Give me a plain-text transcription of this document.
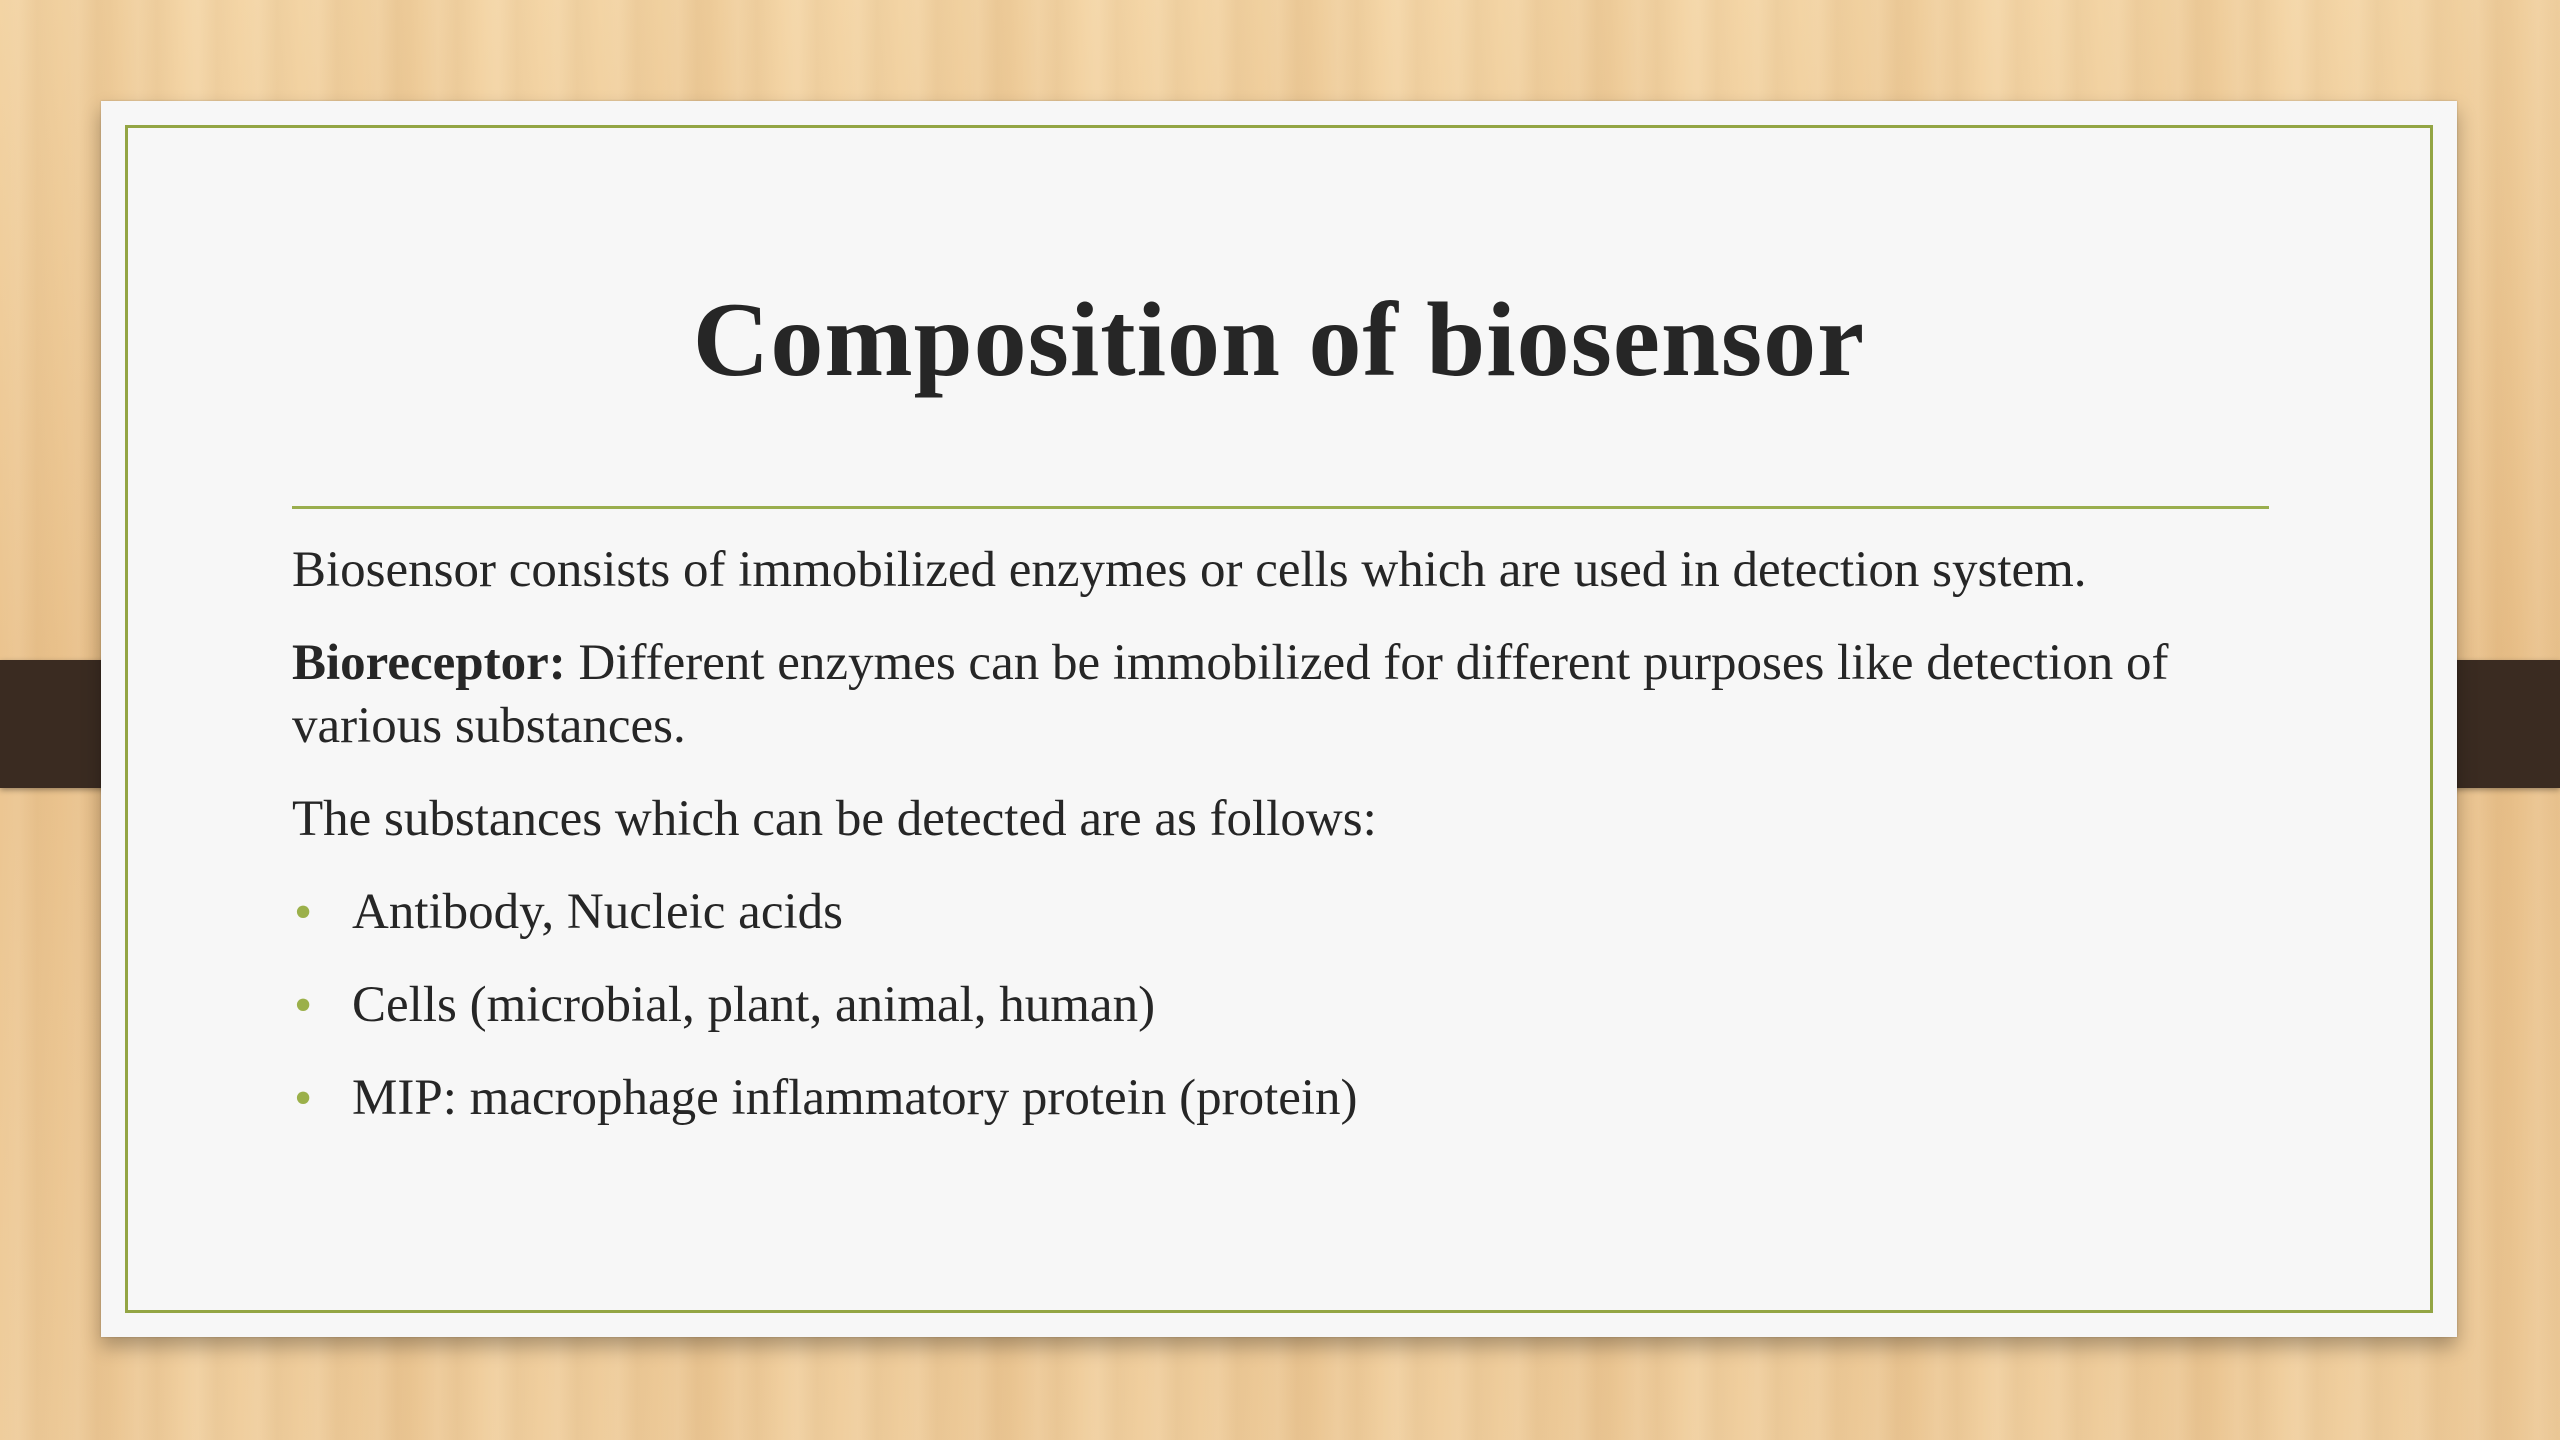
Composition of biosensor

Biosensor consists of immobilized enzymes or cells which are used in detection system.

Bioreceptor: Different enzymes can be immobilized for different purposes like detection of various substances.

The substances which can be detected are as follows:

• Antibody, Nucleic acids
• Cells (microbial, plant, animal, human)
• MIP: macrophage inflammatory protein (protein)
